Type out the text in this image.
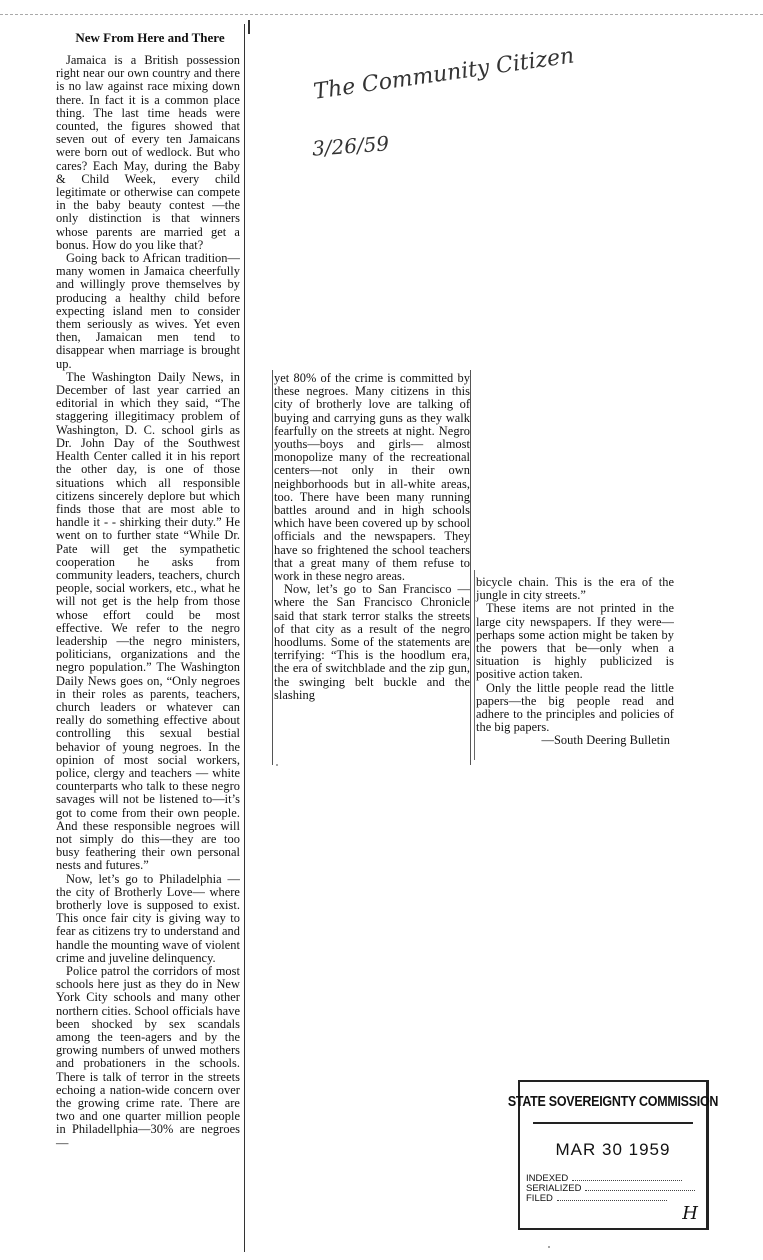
New From Here and There

Jamaica is a British possession right near our own country and there is no law against race mixing down there. In fact it is a common place thing. The last time heads were counted, the figures showed that seven out of every ten Jamaicans were born out of wedlock. But who cares? Each May, during the Baby & Child Week, every child legitimate or otherwise can compete in the baby beauty contest —the only distinction is that winners whose parents are married get a bonus. How do you like that?

Going back to African tradition—many women in Jamaica cheerfully and willingly prove themselves by producing a healthy child before expecting island men to consider them seriously as wives. Yet even then, Jamaican men tend to disappear when marriage is brought up.

The Washington Daily News, in December of last year carried an editorial in which they said, “The staggering illegitimacy problem of Washington, D. C. school girls as Dr. John Day of the Southwest Health Center called it in his report the other day, is one of those situations which all responsible citizens sincerely deplore but which finds those that are most able to handle it - - shirking their duty.” He went on to further state “While Dr. Pate will get the sympathetic cooperation he asks from community leaders, teachers, church people, social workers, etc., what he will not get is the help from those whose effort could be most effective. We refer to the negro leadership —the negro ministers, politicians, organizations and the negro population.” The Washington Daily News goes on, “Only negroes in their roles as parents, teachers, church leaders or whatever can really do something effective about controlling this sexual bestial behavior of young negroes. In the opinion of most social workers, police, clergy and teachers — white counterparts who talk to these negro savages will not be listened to—it’s got to come from their own people. And these responsible negroes will not simply do this—they are too busy feathering their own personal nests and futures.”

Now, let’s go to Philadelphia —the city of Brotherly Love— where brotherly love is supposed to exist. This once fair city is giving way to fear as citizens try to understand and handle the mounting wave of violent crime and juveline delinquency.

Police patrol the corridors of most schools here just as they do in New York City schools and many other northern cities. School officials have been shocked by sex scandals among the teen-agers and by the growing numbers of unwed mothers and probationers in the schools. There is talk of terror in the streets echoing a nation-wide concern over the growing crime rate. There are two and one quarter million people in Philadellphia—30% are negroes—

yet 80% of the crime is committed by these negroes. Many citizens in this city of brotherly love are talking of buying and carrying guns as they walk fearfully on the streets at night. Negro youths—boys and girls— almost monopolize many of the recreational centers—not only in their own neighborhoods but in all-white areas, too. There have been many running battles around and in high schools which have been covered up by school officials and the newspapers. They have so frightened the school teachers that a great many of them refuse to work in these negro areas.

Now, let’s go to San Francisco —where the San Francisco Chronicle said that stark terror stalks the streets of that city as a result of the negro hoodlums. Some of the statements are terrifying: “This is the hoodlum era, the era of switchblade and the zip gun, the swinging belt buckle and the slashing

bicycle chain. This is the era of the jungle in city streets.”

These items are not printed in the large city newspapers. If they were—perhaps some action might be taken by the powers that be—only when a situation is highly publicized is positive action taken.

Only the little people read the little papers—the big people read and adhere to the principles and policies of the big papers.

—South Deering Bulletin

The Community Citizen
3/26/59
STATE SOVEREIGNTY COMMISSION
MAR 30 1959
INDEXED
SERIALIZED
FILED
H
